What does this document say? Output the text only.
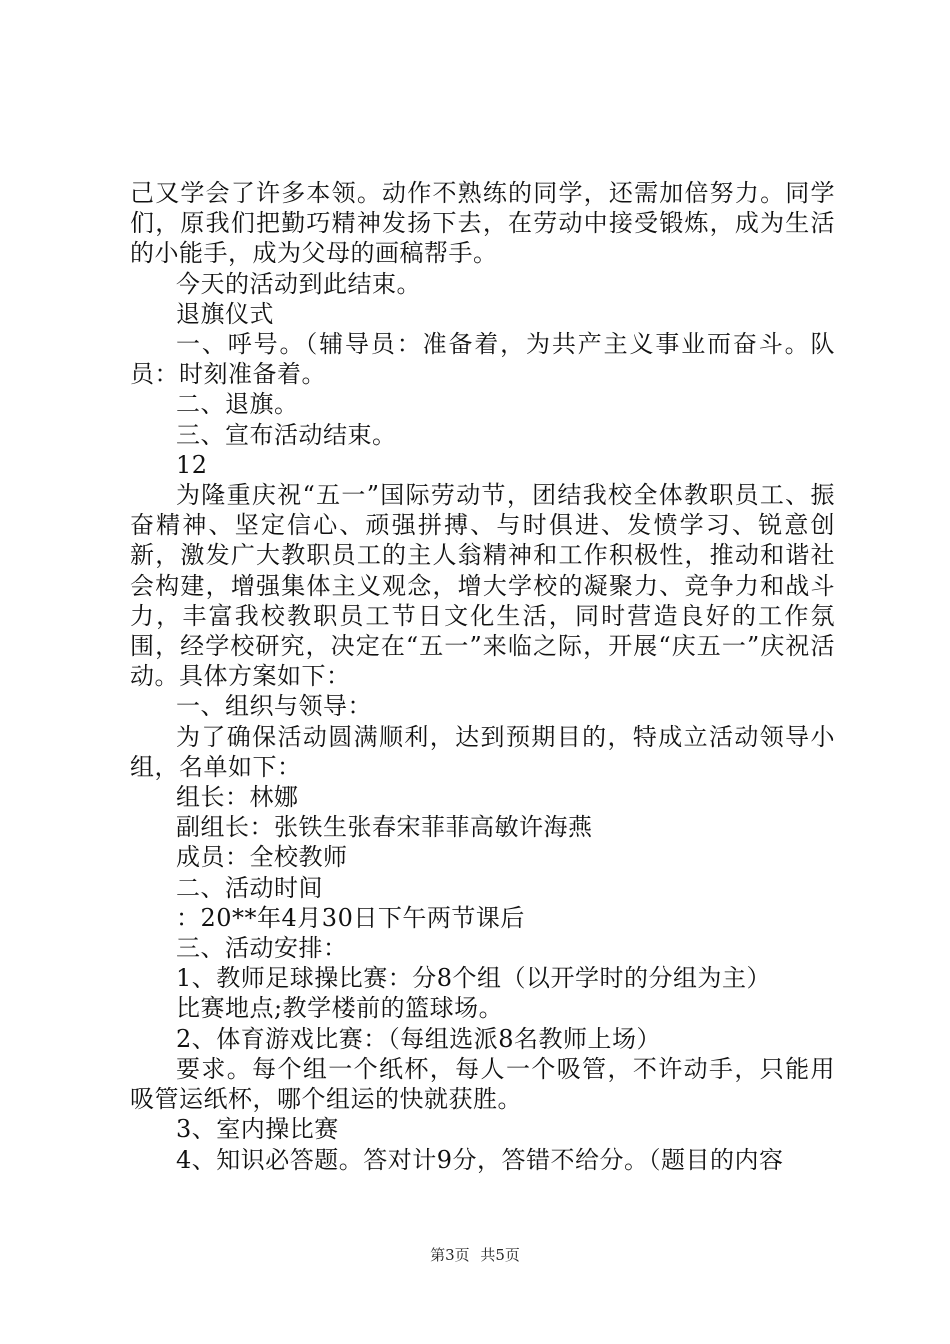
己又学会了许多本领。动作不熟练的同学，还需加倍努力。同学们，原我们把勤巧精神发扬下去，在劳动中接受锻炼，成为生活的小能手，成为父母的画稿帮手。

今天的活动到此结束。

退旗仪式

一、呼号。（辅导员：准备着，为共产主义事业而奋斗。队员：时刻准备着。

二、退旗。

三、宣布活动结束。

12

为隆重庆祝“五一”国际劳动节，团结我校全体教职员工、振奋精神、坚定信心、顽强拼搏、与时俱进、发愤学习、锐意创新，激发广大教职员工的主人翁精神和工作积极性，推动和谐社会构建，增强集体主义观念，增大学校的凝聚力、竞争力和战斗力，丰富我校教职员工节日文化生活，同时营造良好的工作氛围，经学校研究，决定在“五一”来临之际，开展“庆五一”庆祝活动。具体方案如下：

一、组织与领导：

为了确保活动圆满顺利，达到预期目的，特成立活动领导小组，名单如下：

组长：林娜

副组长：张铁生张春宋菲菲高敏许海燕

成员：全校教师

二、活动时间

：20**年4月30日下午两节课后

三、活动安排：

1、教师足球操比赛：分8个组（以开学时的分组为主）

比赛地点;教学楼前的篮球场。

2、体育游戏比赛：（每组选派8名教师上场）

要求。每个组一个纸杯，每人一个吸管，不许动手，只能用吸管运纸杯，哪个组运的快就获胜。

3、室内操比赛

4、知识必答题。答对计9分，答错不给分。（题目的内容

第3页 共5页
